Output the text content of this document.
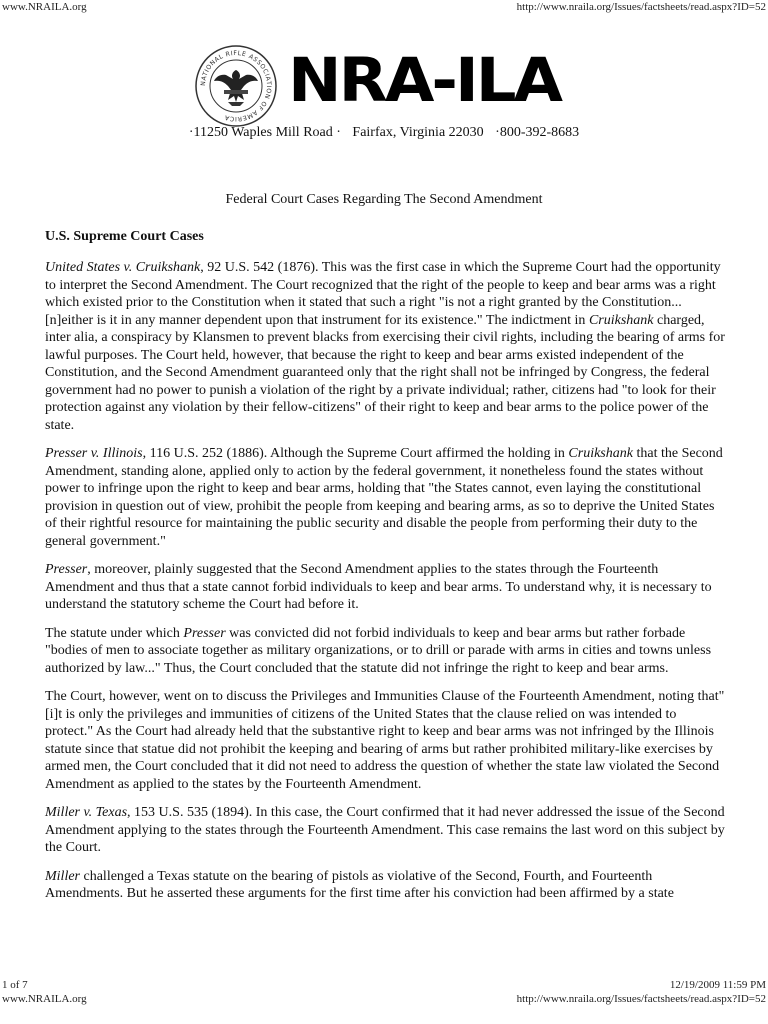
www.NRAILA.org	http://www.nraila.org/Issues/factsheets/read.aspx?ID=52
NATIONAL RIFLE ASSOCIATION OF AMERICA
NRA-ILA
·11250 Waples Mill Road · Fairfax, Virginia 22030 ·800-392-8683
Federal Court Cases Regarding The Second Amendment
U.S. Supreme Court Cases

United States v. Cruikshank, 92 U.S. 542 (1876). This was the first case in which the Supreme Court had the opportunity to interpret the Second Amendment. The Court recognized that the right of the people to keep and bear arms was a right which existed prior to the Constitution when it stated that such a right "is not a right granted by the Constitution...[n]either is it in any manner dependent upon that instrument for its existence." The indictment in Cruikshank charged, inter alia, a conspiracy by Klansmen to prevent blacks from exercising their civil rights, including the bearing of arms for lawful purposes. The Court held, however, that because the right to keep and bear arms existed independent of the Constitution, and the Second Amendment guaranteed only that the right shall not be infringed by Congress, the federal government had no power to punish a violation of the right by a private individual; rather, citizens had "to look for their protection against any violation by their fellow-citizens" of their right to keep and bear arms to the police power of the state.

Presser v. Illinois, 116 U.S. 252 (1886). Although the Supreme Court affirmed the holding in Cruikshank that the Second Amendment, standing alone, applied only to action by the federal government, it nonetheless found the states without power to infringe upon the right to keep and bear arms, holding that "the States cannot, even laying the constitutional provision in question out of view, prohibit the people from keeping and bearing arms, as so to deprive the United States of their rightful resource for maintaining the public security and disable the people from performing their duty to the general government."

Presser, moreover, plainly suggested that the Second Amendment applies to the states through the Fourteenth Amendment and thus that a state cannot forbid individuals to keep and bear arms. To understand why, it is necessary to understand the statutory scheme the Court had before it.

The statute under which Presser was convicted did not forbid individuals to keep and bear arms but rather forbade "bodies of men to associate together as military organizations, or to drill or parade with arms in cities and towns unless authorized by law..." Thus, the Court concluded that the statute did not infringe the right to keep and bear arms.

The Court, however, went on to discuss the Privileges and Immunities Clause of the Fourteenth Amendment, noting that" [i]t is only the privileges and immunities of citizens of the United States that the clause relied on was intended to protect." As the Court had already held that the substantive right to keep and bear arms was not infringed by the Illinois statute since that statue did not prohibit the keeping and bearing of arms but rather prohibited military-like exercises by armed men, the Court concluded that it did not need to address the question of whether the state law violated the Second Amendment as applied to the states by the Fourteenth Amendment.

Miller v. Texas, 153 U.S. 535 (1894). In this case, the Court confirmed that it had never addressed the issue of the Second Amendment applying to the states through the Fourteenth Amendment. This case remains the last word on this subject by the Court.

Miller challenged a Texas statute on the bearing of pistols as violative of the Second, Fourth, and Fourteenth Amendments. But he asserted these arguments for the first time after his conviction had been affirmed by a state

1 of 7	12/19/2009 11:59 PM
www.NRAILA.org	http://www.nraila.org/Issues/factsheets/read.aspx?ID=52
